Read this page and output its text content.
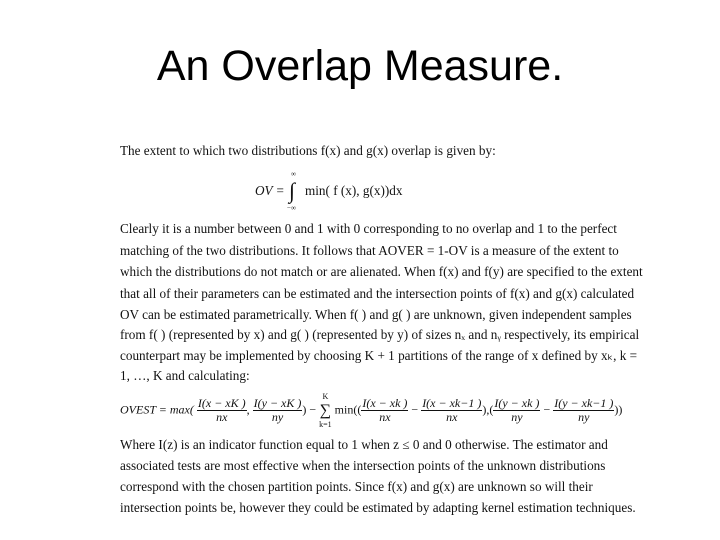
An Overlap Measure.
The extent to which two distributions f(x) and g(x) overlap is given by:
OV =
∞
∫
−∞
min( f (x), g(x))dx
Clearly it is a number between 0 and 1 with 0 corresponding to no overlap and 1 to the perfect
matching of the two distributions. It follows that AOVER = 1-OV is a measure of the extent to
which the distributions do not match or are alienated. When f(x) and f(y) are specified to the extent
that all of their parameters can be estimated and the intersection points of f(x) and g(x) calculated
OV can be estimated parametrically. When f( ) and g( ) are unknown, given independent samples
from f( ) (represented by x) and g( ) (represented by y) of sizes nₓ and nᵧ respectively, its empirical
counterpart may be implemented by choosing K + 1 partitions of the range of x defined by xₖ, k =
1, …, K and calculating:
OVEST = $\max( \frac{I(x - xK )}{nx}$ , $\frac{I(y - xK )}{ny}$ ) −
K
∑
k=1
$\min(( \frac{I(x - xk )}{nx} - \frac{I(x - xk-1 )}{nx}$ ),( $\frac{I(y - xk )}{ny} - \frac{I(y - xk-1 )}{ny}$ ))
Where I(z) is an indicator function equal to 1 when z ≤ 0 and 0 otherwise. The estimator and
associated tests are most effective when the intersection points of the unknown distributions
correspond with the chosen partition points. Since f(x) and g(x) are unknown so will their
intersection points be, however they could be estimated by adapting kernel estimation techniques.
